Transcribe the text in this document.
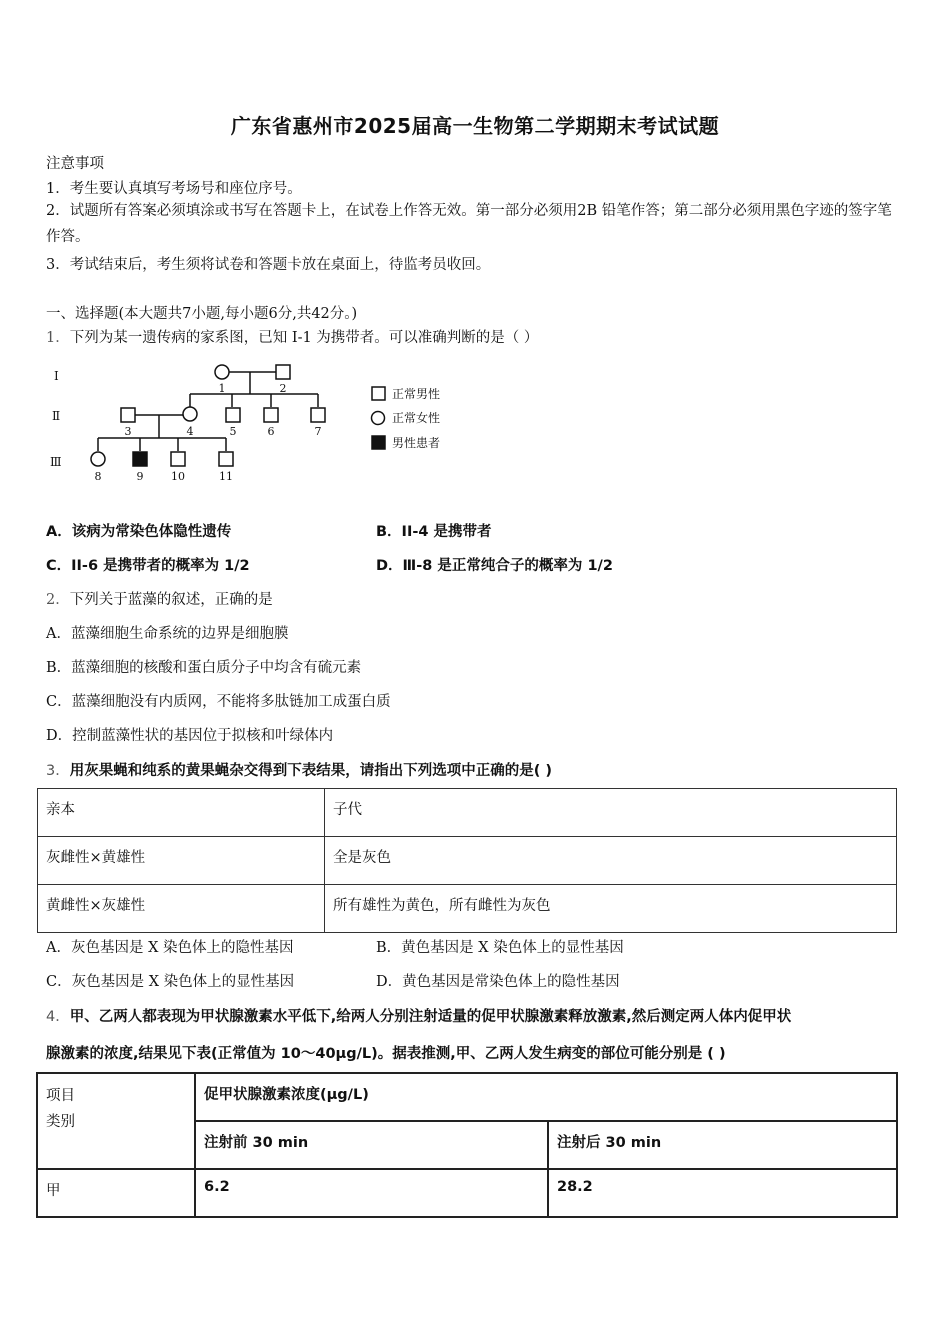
广东省惠州市2025届高一生物第二学期期末考试试题
注意事项
1．考生要认真填写考场号和座位序号。
2．试题所有答案必须填涂或书写在答题卡上，在试卷上作答无效。第一部分必须用2B 铅笔作答；第二部分必须用黑色字迹的签字笔作答。
3．考试结束后，考生须将试卷和答题卡放在桌面上，待监考员收回。
一、选择题(本大题共7小题,每小题6分,共42分。)
1．下列为某一遗传病的家系图，已知 I-1 为携带者。可以准确判断的是（ ）
Ⅰ
Ⅱ
Ⅲ
1	2
3	4	5	6	7
8	9	10	11
正常男性
正常女性
男性患者
A．该病为常染色体隐性遗传	B．II-4 是携带者
C．II-6 是携带者的概率为 1/2	D．Ⅲ-8 是正常纯合子的概率为 1/2
2．下列关于蓝藻的叙述，正确的是
A．蓝藻细胞生命系统的边界是细胞膜
B．蓝藻细胞的核酸和蛋白质分子中均含有硫元素
C．蓝藻细胞没有内质网，不能将多肽链加工成蛋白质
D．控制蓝藻性状的基因位于拟核和叶绿体内
3．用灰果蝇和纯系的黄果蝇杂交得到下表结果，请指出下列选项中正确的是( )
亲本	子代
灰雌性×黄雄性	全是灰色
黄雌性×灰雄性	所有雄性为黄色，所有雌性为灰色
A．灰色基因是 X 染色体上的隐性基因	B．黄色基因是 X 染色体上的显性基因
C．灰色基因是 X 染色体上的显性基因	D．黄色基因是常染色体上的隐性基因
4．甲、乙两人都表现为甲状腺激素水平低下,给两人分别注射适量的促甲状腺激素释放激素,然后测定两人体内促甲状
腺激素的浓度,结果见下表(正常值为 10～40μg/L)。据表推测,甲、乙两人发生病变的部位可能分别是 ( )
项目
类别	促甲状腺激素浓度(μg/L)	
	注射前 30 min	注射后 30 min
甲	6.2	28.2
